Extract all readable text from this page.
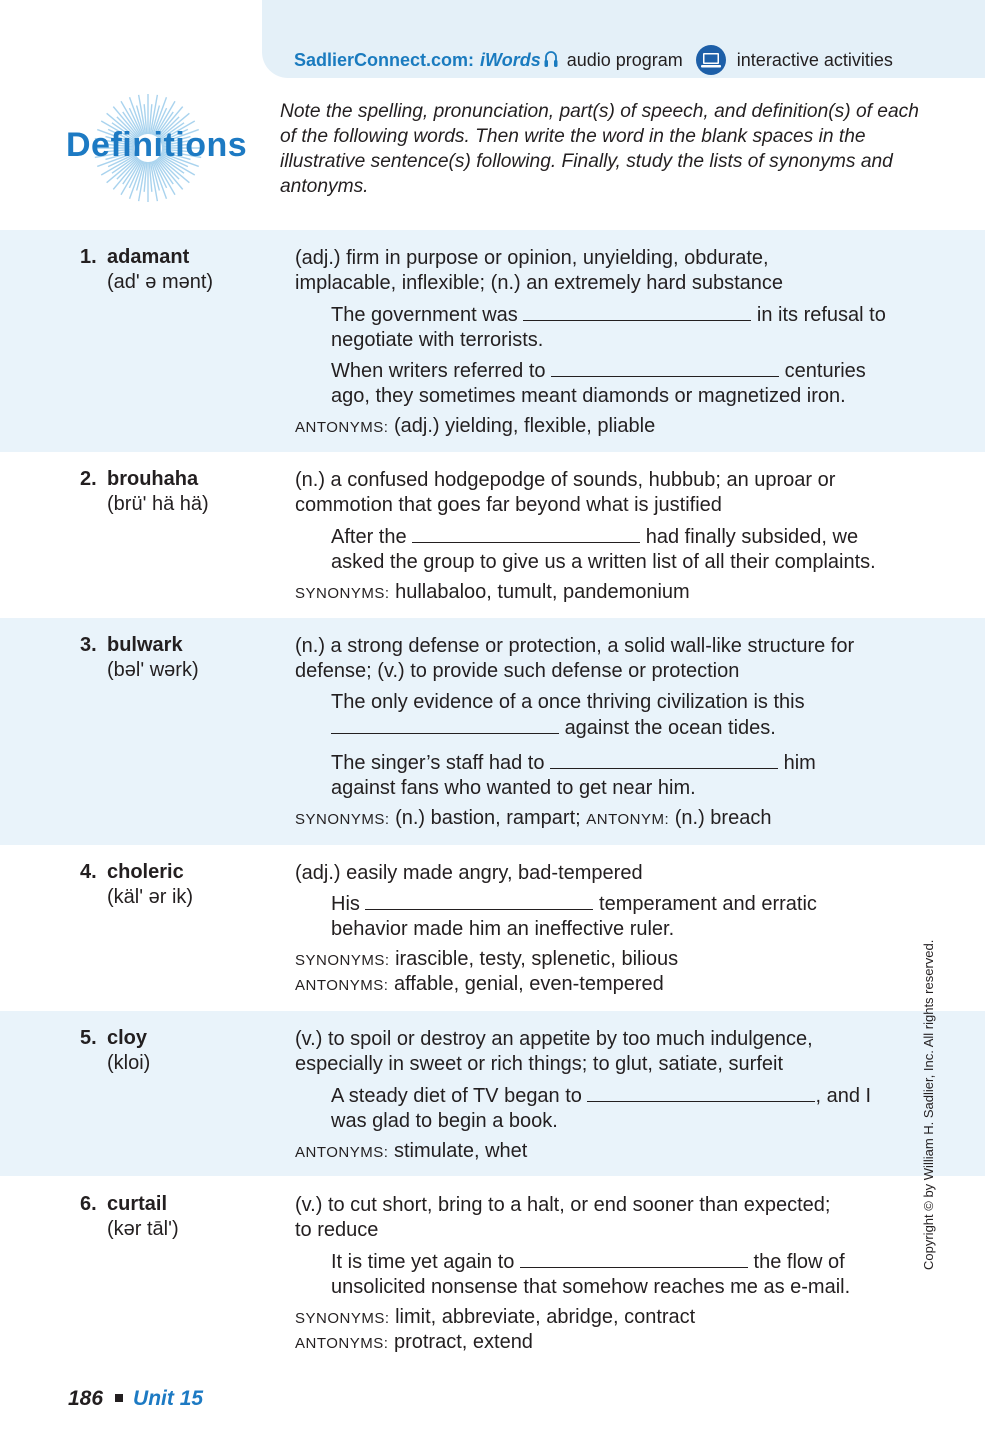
SadlierConnect.com: iWords audio program	interactive activities
Definitions
Note the spelling, pronunciation, part(s) of speech, and definition(s) of each of the following words. Then write the word in the blank spaces in the illustrative sentence(s) following. Finally, study the lists of synonyms and antonyms.
1. adamant
(adʹ ə mənt)
(adj.) firm in purpose or opinion, unyielding, obdurate,
implacable, inflexible; (n.) an extremely hard substance
The government was	in its refusal to
negotiate with terrorists.
When writers referred to	centuries
ago, they sometimes meant diamonds or magnetized iron.
ANTONYMS: (adj.) yielding, flexible, pliable
2. brouhaha
(brüʹ hä hä)
(n.) a confused hodgepodge of sounds, hubbub; an uproar or
commotion that goes far beyond what is justified
After the	had finally subsided, we
asked the group to give us a written list of all their complaints.
SYNONYMS: hullabaloo, tumult, pandemonium
3. bulwark
(bəlʹ wərk)
(n.) a strong defense or protection, a solid wall-like structure for
defense; (v.) to provide such defense or protection
The only evidence of a once thriving civilization is this
against the ocean tides.
The singer’s staff had to	him
against fans who wanted to get near him.
SYNONYMS: (n.) bastion, rampart; ANTONYM: (n.) breach
4. choleric
(kälʹ ər ik)
(adj.) easily made angry, bad-tempered
His	temperament and erratic
behavior made him an ineffective ruler.
SYNONYMS: irascible, testy, splenetic, bilious
ANTONYMS: affable, genial, even-tempered
5. cloy
(kloi)
(v.) to spoil or destroy an appetite by too much indulgence,
especially in sweet or rich things; to glut, satiate, surfeit
A steady diet of TV began to	, and I
was glad to begin a book.
ANTONYMS: stimulate, whet
6. curtail
(kər tālʹ)
(v.) to cut short, bring to a halt, or end sooner than expected;
to reduce
It is time yet again to	the flow of
unsolicited nonsense that somehow reaches me as e-mail.
SYNONYMS: limit, abbreviate, abridge, contract
ANTONYMS: protract, extend
Copyright © by William H. Sadlier, Inc. All rights reserved.
186 Unit 15
